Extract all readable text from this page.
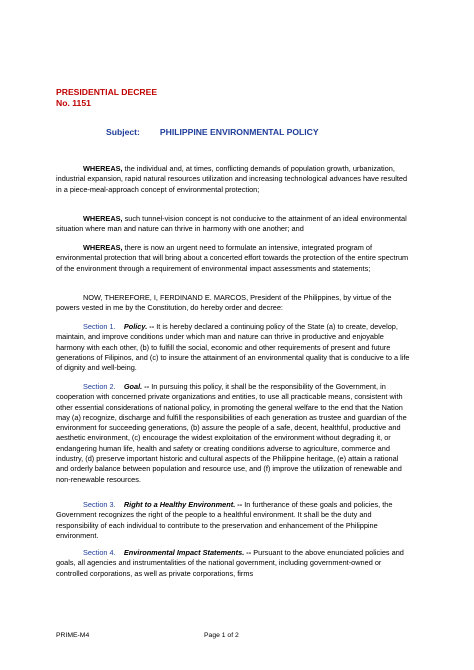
PRESIDENTIAL DECREE
No. 1151
Subject: PHILIPPINE ENVIRONMENTAL POLICY

WHEREAS, the individual and, at times, conflicting demands of population growth, urbanization, industrial expansion, rapid natural resources utilization and increasing technological advances have resulted in a piece-meal-approach concept of environmental protection;

WHEREAS, such tunnel-vision concept is not conducive to the attainment of an ideal environmental situation where man and nature can thrive in harmony with one another; and

WHEREAS, there is now an urgent need to formulate an intensive, integrated program of environmental protection that will bring about a concerted effort towards the protection of the entire spectrum of the environment through a requirement of environmental impact assessments and statements;

NOW, THEREFORE, I, FERDINAND E. MARCOS, President of the Philippines, by virtue of the powers vested in me by the Constitution, do hereby order and decree:

Section 1. Policy. -- It is hereby declared a continuing policy of the State (a) to create, develop, maintain, and improve conditions under which man and nature can thrive in productive and enjoyable harmony with each other, (b) to fulfill the social, economic and other requirements of present and future generations of Filipinos, and (c) to insure the attainment of an environmental quality that is conducive to a life of dignity and well-being.

Section 2. Goal. -- In pursuing this policy, it shall be the responsibility of the Government, in cooperation with concerned private organizations and entities, to use all practicable means, consistent with other essential considerations of national policy, in promoting the general welfare to the end that the Nation may (a) recognize, discharge and fulfill the responsibilities of each generation as trustee and guardian of the environment for succeeding generations, (b) assure the people of a safe, decent, healthful, productive and aesthetic environment, (c) encourage the widest exploitation of the environment without degrading it, or endangering human life, health and safety or creating conditions adverse to agriculture, commerce and industry, (d) preserve important historic and cultural aspects of the Philippine heritage, (e) attain a rational and orderly balance between population and resource use, and (f) improve the utilization of renewable and non-renewable resources.

Section 3. Right to a Healthy Environment. -- In furtherance of these goals and policies, the Government recognizes the right of the people to a healthful environment. It shall be the duty and responsibility of each individual to contribute to the preservation and enhancement of the Philippine environment.

Section 4. Environmental Impact Statements. -- Pursuant to the above enunciated policies and goals, all agencies and instrumentalities of the national government, including government-owned or controlled corporations, as well as private corporations, firms

PRIME-M4	Page 1 of 2
